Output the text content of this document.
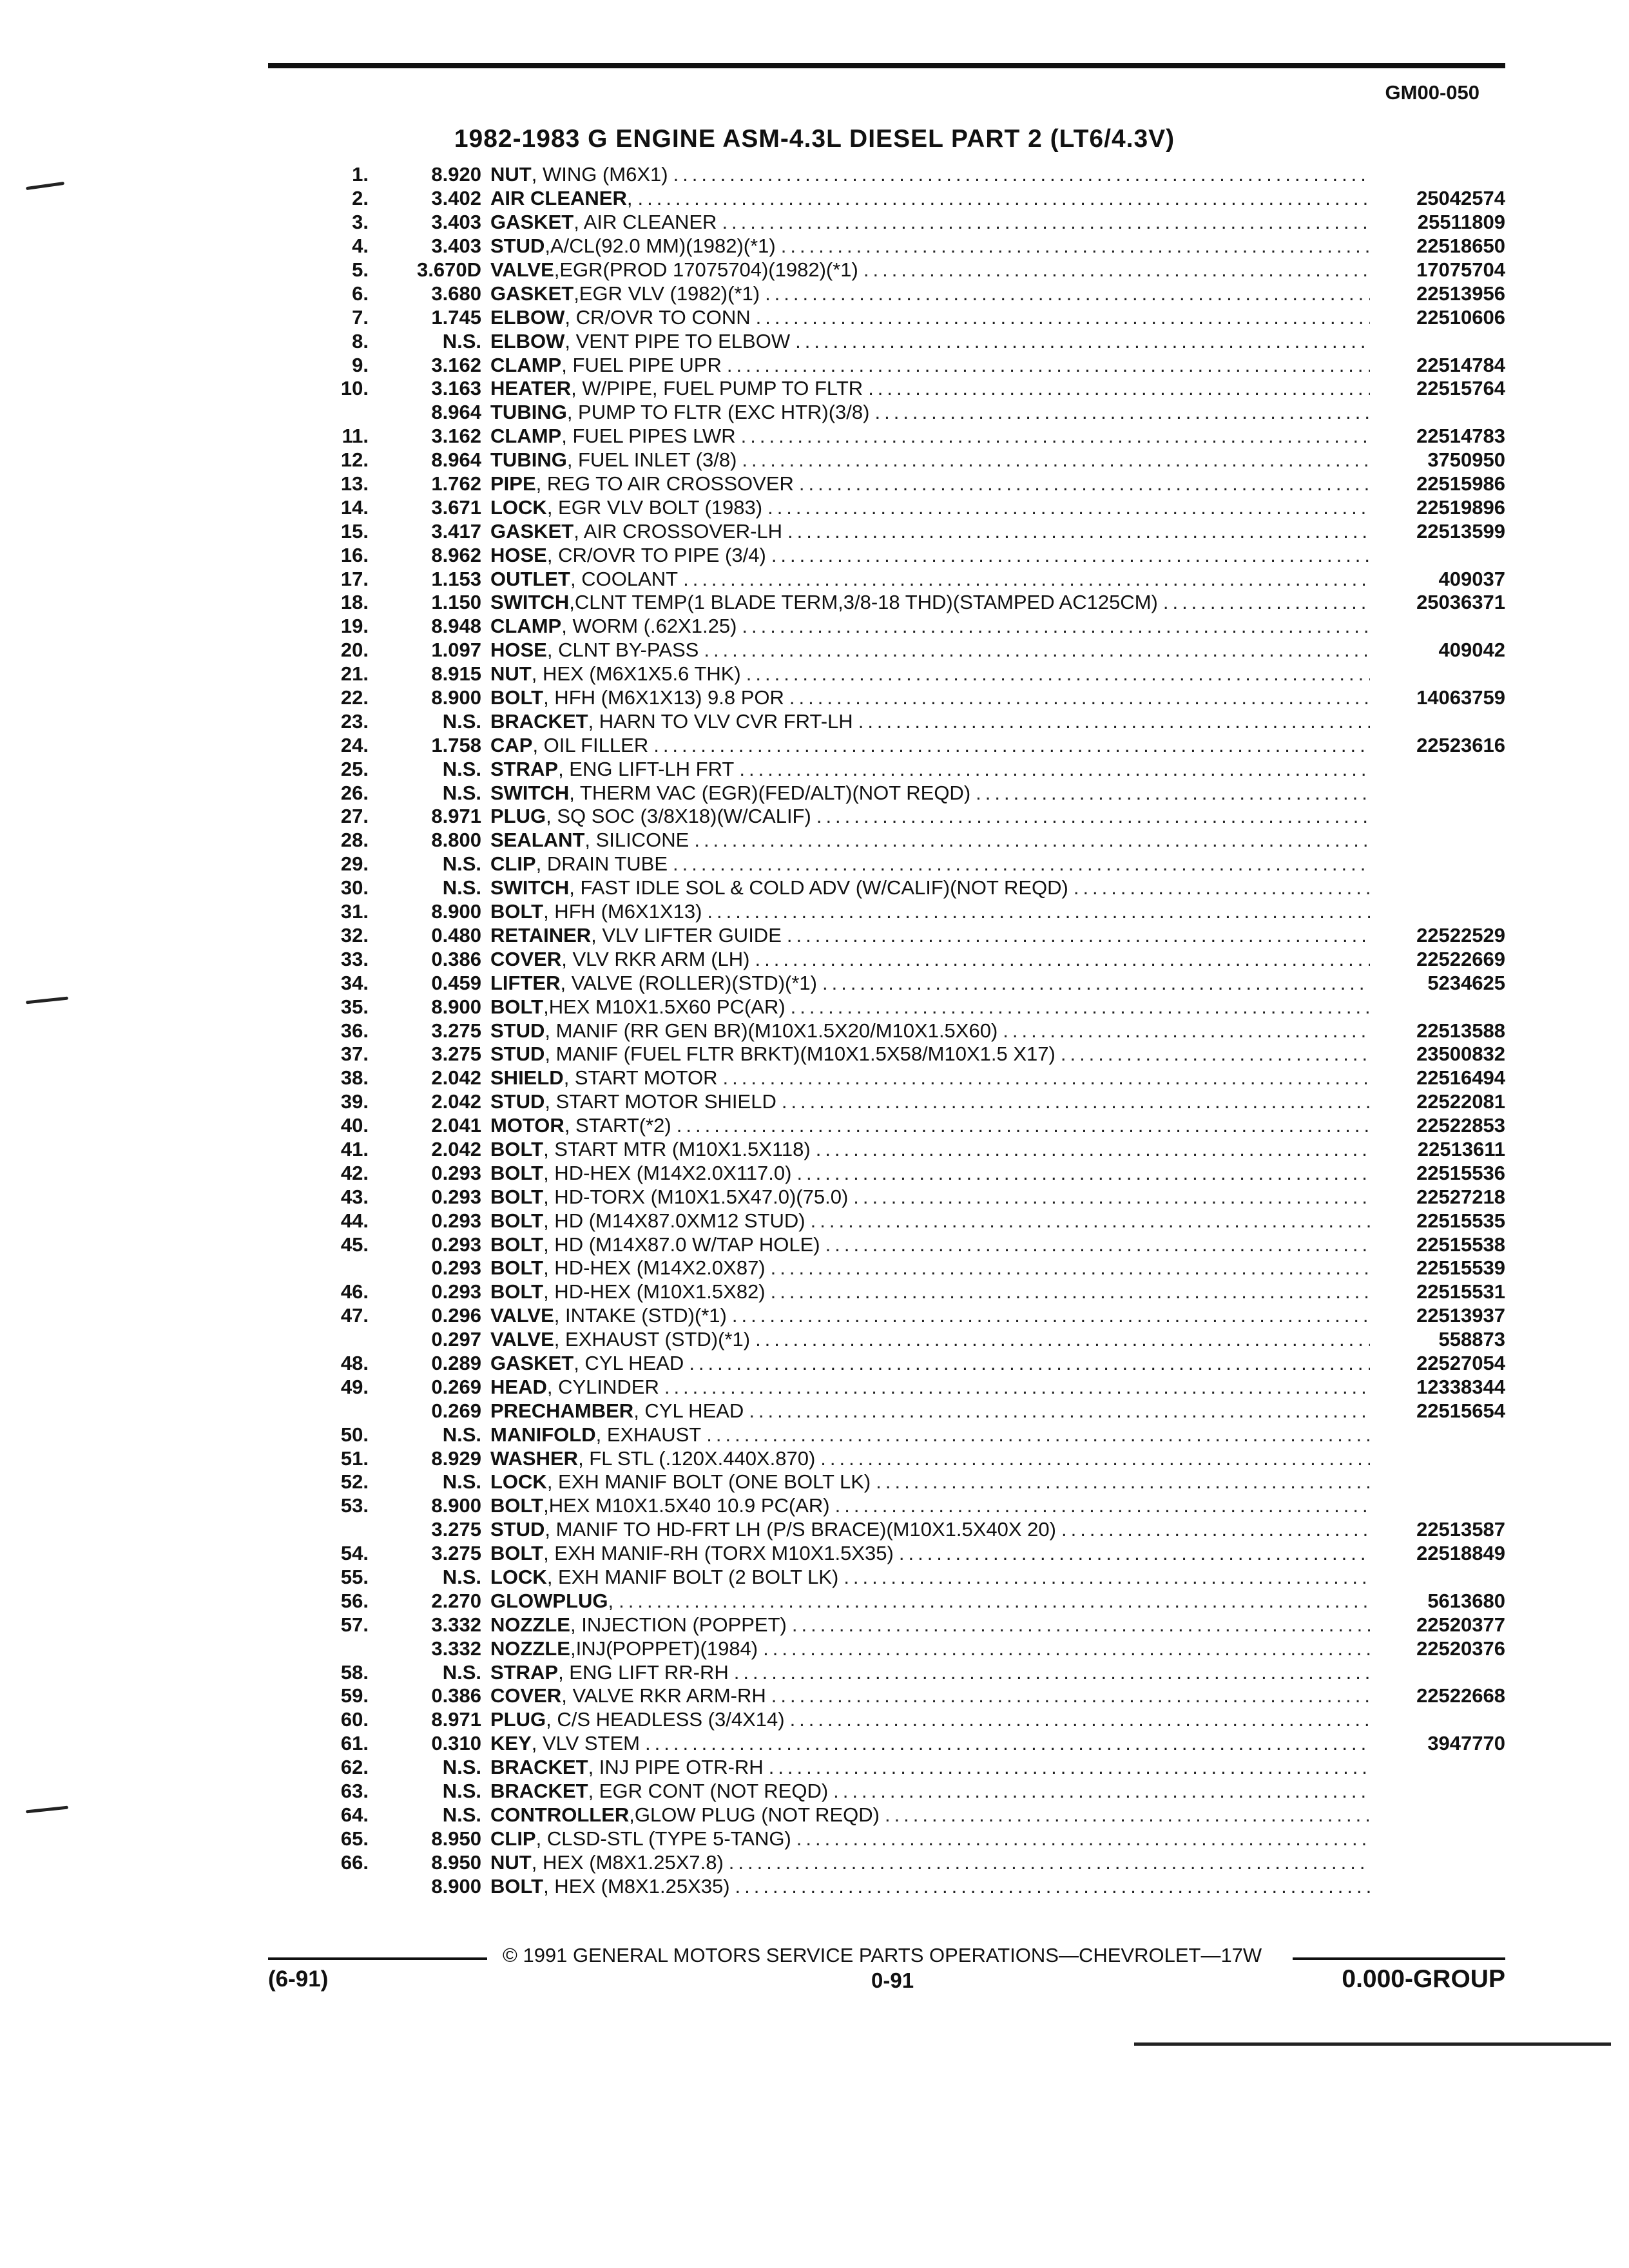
GM00-050
1982-1983 G ENGINE ASM-4.3L DIESEL PART 2 (LT6/4.3V)
1.	8.920 NUT , WING (M6X1)
.....
2.	3.402 AIR CLEANER , .....	25042574
3.	3.403 GASKET , AIR CLEANER .....	25511809
4.	3.403 STUD ,A/CL(92.0 MM)(1982)(*1) .....	22518650
5.	3.670D VALVE ,EGR(PROD 17075704)(1982)(*1) .....	17075704
6.	3.680 GASKET ,EGR VLV (1982)(*1) .....	22513956
7.	1.745 ELBOW , CR/OVR TO CONN .....	22510606
8.	N.S. ELBOW , VENT PIPE TO ELBOW
.....
9.	3.162 CLAMP , FUEL PIPE UPR .....	22514784
10.	3.163 HEATER , W/PIPE, FUEL PUMP TO FLTR .....	22515764
8.964 TUBING , PUMP TO FLTR (EXC HTR)(3/8)
.....
11.	3.162 CLAMP , FUEL PIPES LWR .....	22514783
12.	8.964 TUBING , FUEL INLET (3/8) .....	3750950
13.	1.762 PIPE , REG TO AIR CROSSOVER .....	22515986
14.	3.671 LOCK , EGR VLV BOLT (1983) .....	22519896
15.	3.417 GASKET , AIR CROSSOVER-LH .....	22513599
16.	8.962 HOSE , CR/OVR TO PIPE (3/4)
.....
17.	1.153 OUTLET , COOLANT .....	409037
18.	1.150 SWITCH ,CLNT TEMP(1 BLADE TERM,3/8-18 THD)(STAMPED AC125CM) .....	25036371
19.	8.948 CLAMP , WORM (.62X1.25)
.....
20.	1.097 HOSE , CLNT BY-PASS .....	409042
21.	8.915 NUT , HEX (M6X1X5.6 THK)
.....
22.	8.900 BOLT , HFH (M6X1X13) 9.8 POR .....	14063759
23.	N.S. BRACKET , HARN TO VLV CVR FRT-LH
.....
24.	1.758 CAP , OIL FILLER .....	22523616
25.	N.S. STRAP , ENG LIFT-LH FRT
.....
26.	N.S. SWITCH , THERM VAC (EGR)(FED/ALT)(NOT REQD)
.....
27.	8.971 PLUG , SQ SOC (3/8X18)(W/CALIF)
.....
28.	8.800 SEALANT , SILICONE
.....
29.	N.S. CLIP , DRAIN TUBE
.....
30.	N.S. SWITCH , FAST IDLE SOL & COLD ADV (W/CALIF)(NOT REQD)
.....
31.	8.900 BOLT , HFH (M6X1X13)
.....
32.	0.480 RETAINER , VLV LIFTER GUIDE .....	22522529
33.	0.386 COVER , VLV RKR ARM (LH) .....	22522669
34.	0.459 LIFTER , VALVE (ROLLER)(STD)(*1) .....	5234625
35.	8.900 BOLT ,HEX M10X1.5X60 PC(AR)
.....
36.	3.275 STUD , MANIF (RR GEN BR)(M10X1.5X20/M10X1.5X60) .....	22513588
37.	3.275 STUD , MANIF (FUEL FLTR BRKT)(M10X1.5X58/M10X1.5 X17) .....	23500832
38.	2.042 SHIELD , START MOTOR .....	22516494
39.	2.042 STUD , START MOTOR SHIELD .....	22522081
40.	2.041 MOTOR , START(*2) .....	22522853
41.	2.042 BOLT , START MTR (M10X1.5X118) .....	22513611
42.	0.293 BOLT , HD-HEX (M14X2.0X117.0) .....	22515536
43.	0.293 BOLT , HD-TORX (M10X1.5X47.0)(75.0) .....	22527218
44.	0.293 BOLT , HD (M14X87.0XM12 STUD) .....	22515535
45.	0.293 BOLT , HD (M14X87.0 W/TAP HOLE) .....	22515538
0.293 BOLT , HD-HEX (M14X2.0X87) .....	22515539
46.	0.293 BOLT , HD-HEX (M10X1.5X82) .....	22515531
47.	0.296 VALVE , INTAKE (STD)(*1) .....	22513937
0.297 VALVE , EXHAUST (STD)(*1) .....	558873
48.	0.289 GASKET , CYL HEAD .....	22527054
49.	0.269 HEAD , CYLINDER .....	12338344
0.269 PRECHAMBER , CYL HEAD .....	22515654
50.	N.S. MANIFOLD , EXHAUST
.....
51.	8.929 WASHER , FL STL (.120X.440X.870)
.....
52.	N.S. LOCK , EXH MANIF BOLT (ONE BOLT LK)
.....
53.	8.900 BOLT ,HEX M10X1.5X40 10.9 PC(AR)
.....
3.275 STUD , MANIF TO HD-FRT LH (P/S BRACE)(M10X1.5X40X 20) .....	22513587
54.	3.275 BOLT , EXH MANIF-RH (TORX M10X1.5X35) .....	22518849
55.	N.S. LOCK , EXH MANIF BOLT (2 BOLT LK)
.....
56.	2.270 GLOWPLUG , .....	5613680
57.	3.332 NOZZLE , INJECTION (POPPET) .....	22520377
3.332 NOZZLE ,INJ(POPPET)(1984) .....	22520376
58.	N.S. STRAP , ENG LIFT RR-RH
.....
59.	0.386 COVER , VALVE RKR ARM-RH .....	22522668
60.	8.971 PLUG , C/S HEADLESS (3/4X14)
.....
61.	0.310 KEY , VLV STEM .....	3947770
62.	N.S. BRACKET , INJ PIPE OTR-RH
.....
63.	N.S. BRACKET , EGR CONT (NOT REQD)
.....
64.	N.S. CONTROLLER ,GLOW PLUG (NOT REQD)
.....
65.	8.950 CLIP , CLSD-STL (TYPE 5-TANG)
.....
66.	8.950 NUT , HEX (M8X1.25X7.8)
.....
8.900 BOLT , HEX (M8X1.25X35)
.....
© 1991 GENERAL MOTORS SERVICE PARTS OPERATIONS—CHEVROLET—17W
(6-91)	0-91	0.000-GROUP
